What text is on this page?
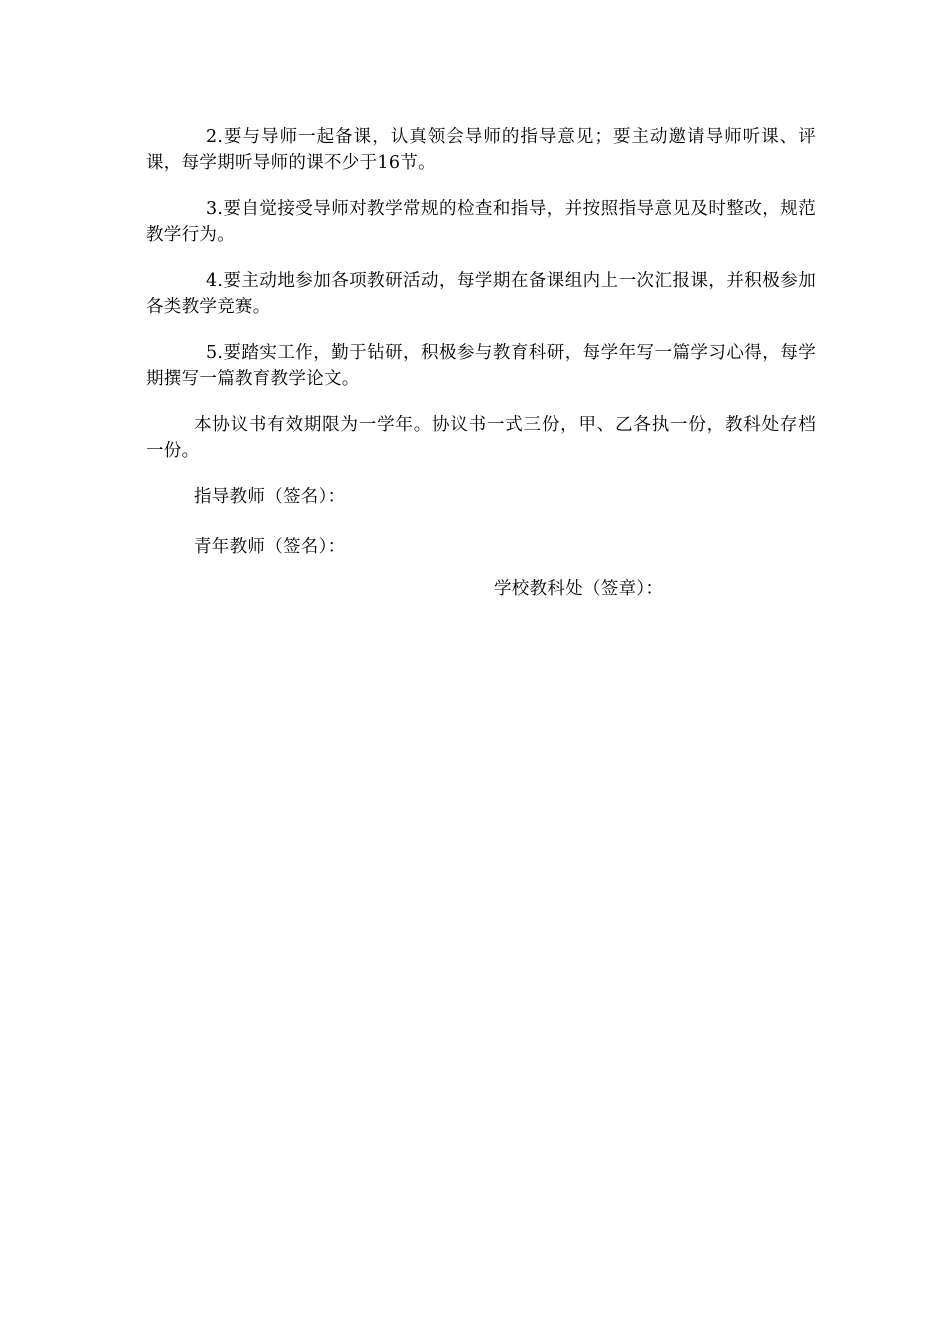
2.要与导师一起备课，认真领会导师的指导意见；要主动邀请导师听课、评课，每学期听导师的课不少于16节。

3.要自觉接受导师对教学常规的检查和指导，并按照指导意见及时整改，规范教学行为。

4.要主动地参加各项教研活动，每学期在备课组内上一次汇报课，并积极参加各类教学竞赛。

5.要踏实工作，勤于钻研，积极参与教育科研，每学年写一篇学习心得，每学期撰写一篇教育教学论文。

本协议书有效期限为一学年。协议书一式三份，甲、乙各执一份，教科处存档一份。

指导教师（签名）：
青年教师（签名）：
学校教科处（签章）：
